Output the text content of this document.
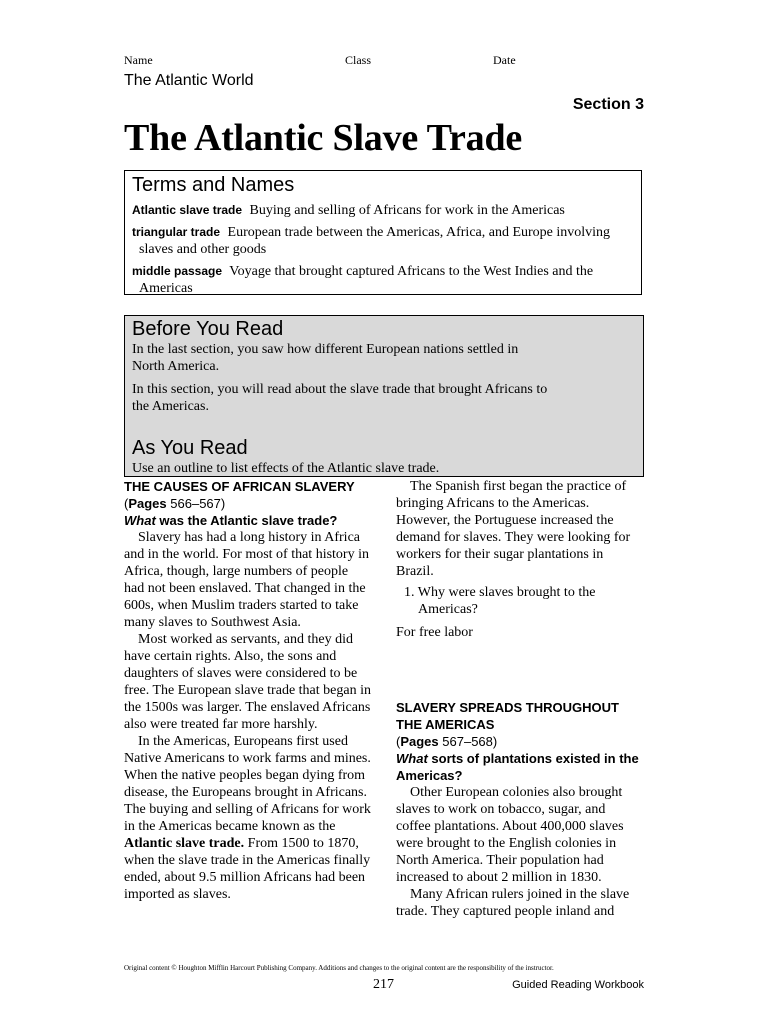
Name	Class	Date
The Atlantic World
Section 3
The Atlantic Slave Trade
Terms and Names
Atlantic slave trade Buying and selling of Africans for work in the Americas
triangular trade European trade between the Americas, Africa, and Europe involving slaves and other goods
middle passage Voyage that brought captured Africans to the West Indies and the Americas
Before You Read

In the last section, you saw how different European nations settled in North America.

In this section, you will read about the slave trade that brought Africans to the Americas.

As You Read

Use an outline to list effects of the Atlantic slave trade.

THE CAUSES OF AFRICAN SLAVERY (Pages 566–567)
What was the Atlantic slave trade?

Slavery has had a long history in Africa and in the world. For most of that history in Africa, though, large numbers of people had not been enslaved. That changed in the 600s, when Muslim traders started to take many slaves to Southwest Asia.

Most worked as servants, and they did have certain rights. Also, the sons and daughters of slaves were considered to be free. The European slave trade that began in the 1500s was larger. The enslaved Africans also were treated far more harshly.

In the Americas, Europeans first used Native Americans to work farms and mines. When the native peoples began dying from disease, the Europeans brought in Africans. The buying and selling of Africans for work in the Americas became known as the Atlantic slave trade. From 1500 to 1870, when the slave trade in the Americas finally ended, about 9.5 million Africans had been imported as slaves.

The Spanish first began the practice of bringing Africans to the Americas. However, the Portuguese increased the demand for slaves. They were looking for workers for their sugar plantations in Brazil.

1. Why were slaves brought to the Americas?

For free labor

SLAVERY SPREADS THROUGHOUT THE AMERICAS
(Pages 567–568)
What sorts of plantations existed in the Americas?

Other European colonies also brought slaves to work on tobacco, sugar, and coffee plantations. About 400,000 slaves were brought to the English colonies in North America. Their population had increased to about 2 million in 1830.

Many African rulers joined in the slave trade. They captured people inland and

Original content © Houghton Mifflin Harcourt Publishing Company. Additions and changes to the original content are the responsibility of the instructor.
217	Guided Reading Workbook
